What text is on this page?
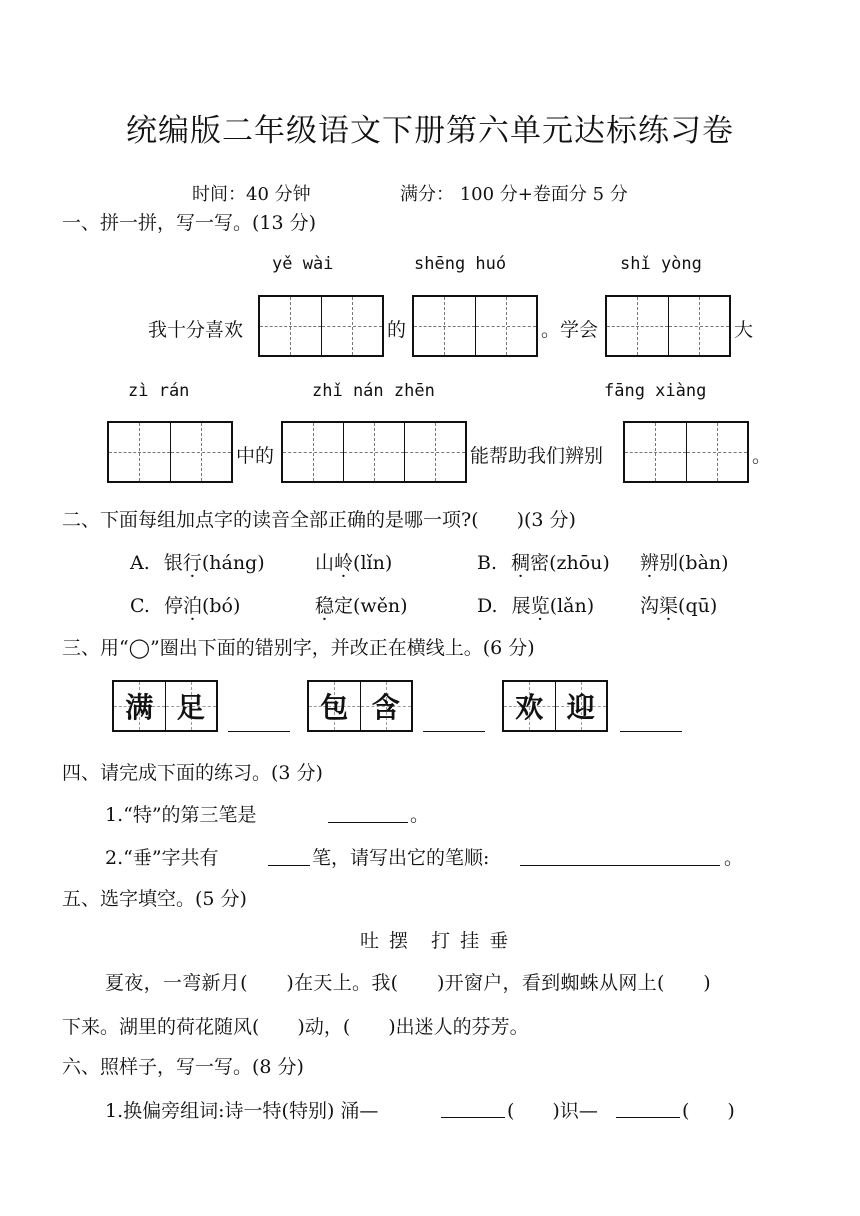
统编版二年级语文下册第六单元达标练习卷
时间：40 分钟	满分： 100 分+卷面分 5 分
一、拼一拼，写一写。(13 分)
yě wài	shēng huó	shǐ yòng
我十分喜欢	的	。学会	大
zì rán	zhǐ nán zhēn	fāng xiàng
中的	能帮助我们辨别	。
二、下面每组加点字的读音全部正确的是哪一项?(　　)(3 分)
A. 银行(háng)	山岭(lǐn)	B. 稠密(zhōu) 辨别(bàn)
C. 停泊(bó)	稳定(wěn)	D. 展览(lǎn) 沟渠(qū)
三、用“◯”圈出下面的错别字，并改正在横线上。(6 分)
满 足	包 含	欢 迎
四、请完成下面的练习。(3 分)
1.“特”的第三笔是	。
2.“垂”字共有	笔，请写出它的笔顺:	。
五、选字填空。(5 分)
吐 摆　打 挂 垂
夏夜，一弯新月(　　)在天上。我(　　)开窗户，看到蜘蛛从网上(　　)
下来。湖里的荷花随风(　　)动，(　　)出迷人的芬芳。
六、照样子，写一写。(8 分)
1.换偏旁组词:诗一特(特别) 涌—	(　　)识—	(　　)
